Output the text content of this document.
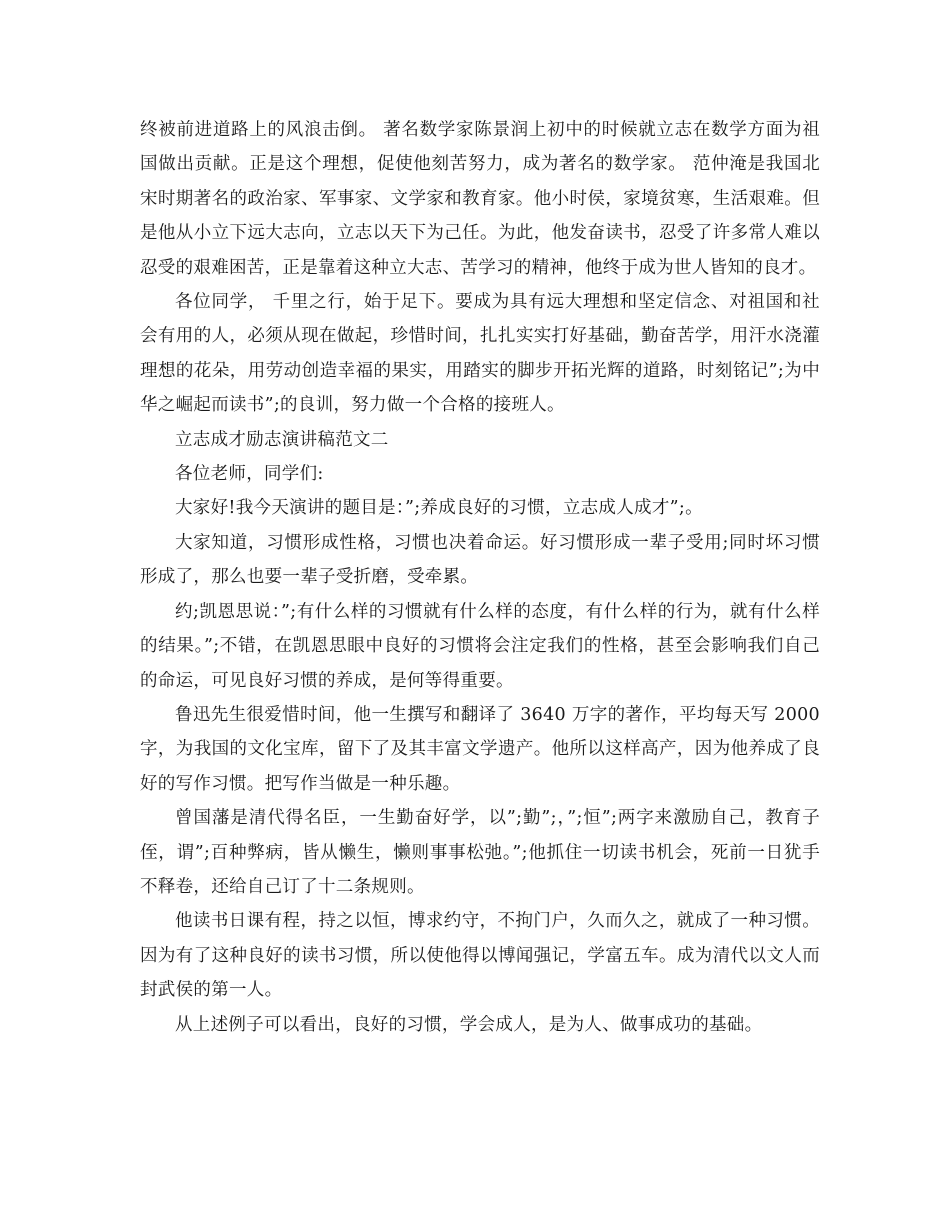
终被前进道路上的风浪击倒。 著名数学家陈景润上初中的时候就立志在数学方面为祖国做出贡献。正是这个理想，促使他刻苦努力，成为著名的数学家。 范仲淹是我国北宋时期著名的政治家、军事家、文学家和教育家。他小时侯，家境贫寒，生活艰难。但是他从小立下远大志向，立志以天下为己任。为此，他发奋读书，忍受了许多常人难以忍受的艰难困苦，正是靠着这种立大志、苦学习的精神，他终于成为世人皆知的良才。

各位同学， 千里之行，始于足下。要成为具有远大理想和坚定信念、对祖国和社会有用的人，必须从现在做起，珍惜时间，扎扎实实打好基础，勤奋苦学，用汗水浇灌理想的花朵，用劳动创造幸福的果实，用踏实的脚步开拓光辉的道路，时刻铭记”;为中华之崛起而读书”;的良训，努力做一个合格的接班人。

立志成才励志演讲稿范文二

各位老师，同学们:

大家好!我今天演讲的题目是：”;养成良好的习惯，立志成人成才”;。

大家知道，习惯形成性格，习惯也决着命运。好习惯形成一辈子受用;同时坏习惯形成了，那么也要一辈子受折磨，受牵累。

约;凯恩思说：”;有什么样的习惯就有什么样的态度，有什么样的行为，就有什么样的结果。”;不错，在凯恩思眼中良好的习惯将会注定我们的性格，甚至会影响我们自己的命运，可见良好习惯的养成，是何等得重要。

鲁迅先生很爱惜时间，他一生撰写和翻译了 3640 万字的著作，平均每天写 2000 字，为我国的文化宝库，留下了及其丰富文学遗产。他所以这样高产，因为他养成了良好的写作习惯。把写作当做是一种乐趣。

曾国藩是清代得名臣，一生勤奋好学，以”;勤”;，”;恒”;两字来激励自己，教育子侄，谓”;百种弊病，皆从懒生，懒则事事松弛。”;他抓住一切读书机会，死前一日犹手不释卷，还给自己订了十二条规则。

他读书日课有程，持之以恒，博求约守，不拘门户，久而久之，就成了一种习惯。因为有了这种良好的读书习惯，所以使他得以博闻强记，学富五车。成为清代以文人而封武侯的第一人。

从上述例子可以看出，良好的习惯，学会成人，是为人、做事成功的基础。
